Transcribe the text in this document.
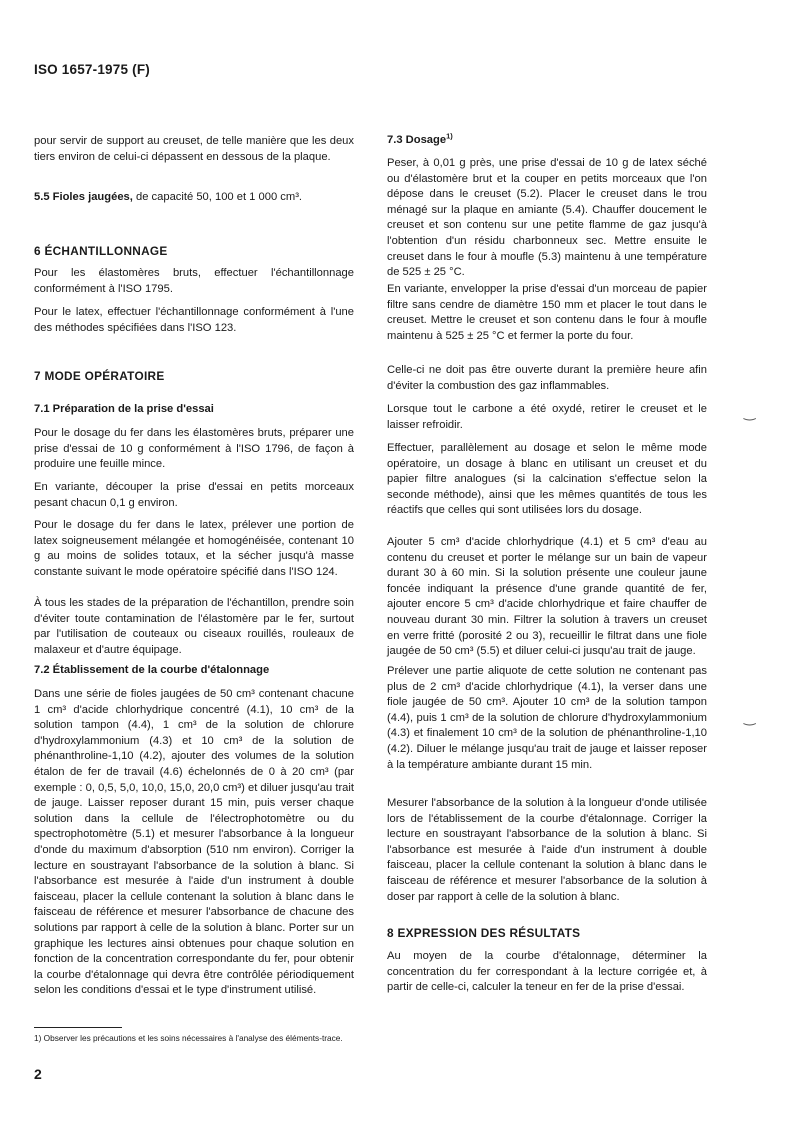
ISO 1657-1975 (F)

pour servir de support au creuset, de telle manière que les deux tiers environ de celui-ci dépassent en dessous de la plaque.

5.5 Fioles jaugées, de capacité 50, 100 et 1 000 cm³.

6 ÉCHANTILLONNAGE

Pour les élastomères bruts, effectuer l'échantillonnage conformément à l'ISO 1795.

Pour le latex, effectuer l'échantillonnage conformément à l'une des méthodes spécifiées dans l'ISO 123.

7 MODE OPÉRATOIRE
7.1 Préparation de la prise d'essai

Pour le dosage du fer dans les élastomères bruts, préparer une prise d'essai de 10 g conformément à l'ISO 1796, de façon à produire une feuille mince.

En variante, découper la prise d'essai en petits morceaux pesant chacun 0,1 g environ.

Pour le dosage du fer dans le latex, prélever une portion de latex soigneusement mélangée et homogénéisée, contenant 10 g au moins de solides totaux, et la sécher jusqu'à masse constante suivant le mode opératoire spécifié dans l'ISO 124.

À tous les stades de la préparation de l'échantillon, prendre soin d'éviter toute contamination de l'élastomère par le fer, surtout par l'utilisation de couteaux ou ciseaux rouillés, rouleaux de malaxeur et d'autre équipage.

7.2 Établissement de la courbe d'étalonnage

Dans une série de fioles jaugées de 50 cm³ contenant chacune 1 cm³ d'acide chlorhydrique concentré (4.1), 10 cm³ de la solution tampon (4.4), 1 cm³ de la solution de chlorure d'hydroxylammonium (4.3) et 10 cm³ de la solution de phénanthroline-1,10 (4.2), ajouter des volumes de la solution étalon de fer de travail (4.6) échelonnés de 0 à 20 cm³ (par exemple : 0, 0,5, 5,0, 10,0, 15,0, 20,0 cm³) et diluer jusqu'au trait de jauge. Laisser reposer durant 15 min, puis verser chaque solution dans la cellule de l'électrophotomètre ou du spectrophotomètre (5.1) et mesurer l'absorbance à la longueur d'onde du maximum d'absorption (510 nm environ). Corriger la lecture en soustrayant l'absorbance de la solution à blanc. Si l'absorbance est mesurée à l'aide d'un instrument à double faisceau, placer la cellule contenant la solution à blanc dans le faisceau de référence et mesurer l'absorbance de chacune des solutions par rapport à celle de la solution à blanc. Porter sur un graphique les lectures ainsi obtenues pour chaque solution en fonction de la concentration correspondante du fer, pour obtenir la courbe d'étalonnage qui devra être contrôlée périodiquement selon les conditions d'essai et le type d'instrument utilisé.

7.3 Dosage$^{1)}$

Peser, à 0,01 g près, une prise d'essai de 10 g de latex séché ou d'élastomère brut et la couper en petits morceaux que l'on dépose dans le creuset (5.2). Placer le creuset dans le trou ménagé sur la plaque en amiante (5.4). Chauffer doucement le creuset et son contenu sur une petite flamme de gaz jusqu'à l'obtention d'un résidu charbonneux sec. Mettre ensuite le creuset dans le four à moufle (5.3) maintenu à une température de 525 ± 25 °C.

En variante, envelopper la prise d'essai d'un morceau de papier filtre sans cendre de diamètre 150 mm et placer le tout dans le creuset. Mettre le creuset et son contenu dans le four à moufle maintenu à 525 ± 25 °C et fermer la porte du four.

Celle-ci ne doit pas être ouverte durant la première heure afin d'éviter la combustion des gaz inflammables.

Lorsque tout le carbone a été oxydé, retirer le creuset et le laisser refroidir.

Effectuer, parallèlement au dosage et selon le même mode opératoire, un dosage à blanc en utilisant un creuset et du papier filtre analogues (si la calcination s'effectue selon la seconde méthode), ainsi que les mêmes quantités de tous les réactifs que celles qui sont utilisées lors du dosage.

Ajouter 5 cm³ d'acide chlorhydrique (4.1) et 5 cm³ d'eau au contenu du creuset et porter le mélange sur un bain de vapeur durant 30 à 60 min. Si la solution présente une couleur jaune foncée indiquant la présence d'une grande quantité de fer, ajouter encore 5 cm³ d'acide chlorhydrique et faire chauffer de nouveau durant 30 min. Filtrer la solution à travers un creuset en verre fritté (porosité 2 ou 3), recueillir le filtrat dans une fiole jaugée de 50 cm³ (5.5) et diluer celui-ci jusqu'au trait de jauge.

Prélever une partie aliquote de cette solution ne contenant pas plus de 2 cm³ d'acide chlorhydrique (4.1), la verser dans une fiole jaugée de 50 cm³. Ajouter 10 cm³ de la solution tampon (4.4), puis 1 cm³ de la solution de chlorure d'hydroxylammonium (4.3) et finalement 10 cm³ de la solution de phénanthroline-1,10 (4.2). Diluer le mélange jusqu'au trait de jauge et laisser reposer à la température ambiante durant 15 min.

Mesurer l'absorbance de la solution à la longueur d'onde utilisée lors de l'établissement de la courbe d'étalonnage. Corriger la lecture en soustrayant l'absorbance de la solution à blanc. Si l'absorbance est mesurée à l'aide d'un instrument à double faisceau, placer la cellule contenant la solution à blanc dans le faisceau de référence et mesurer l'absorbance de la solution à doser par rapport à celle de la solution à blanc.

8 EXPRESSION DES RÉSULTATS

Au moyen de la courbe d'étalonnage, déterminer la concentration du fer correspondant à la lecture corrigée et, à partir de celle-ci, calculer la teneur en fer de la prise d'essai.

‿
‿
1) Observer les précautions et les soins nécessaires à l'analyse des éléments-trace.
2
